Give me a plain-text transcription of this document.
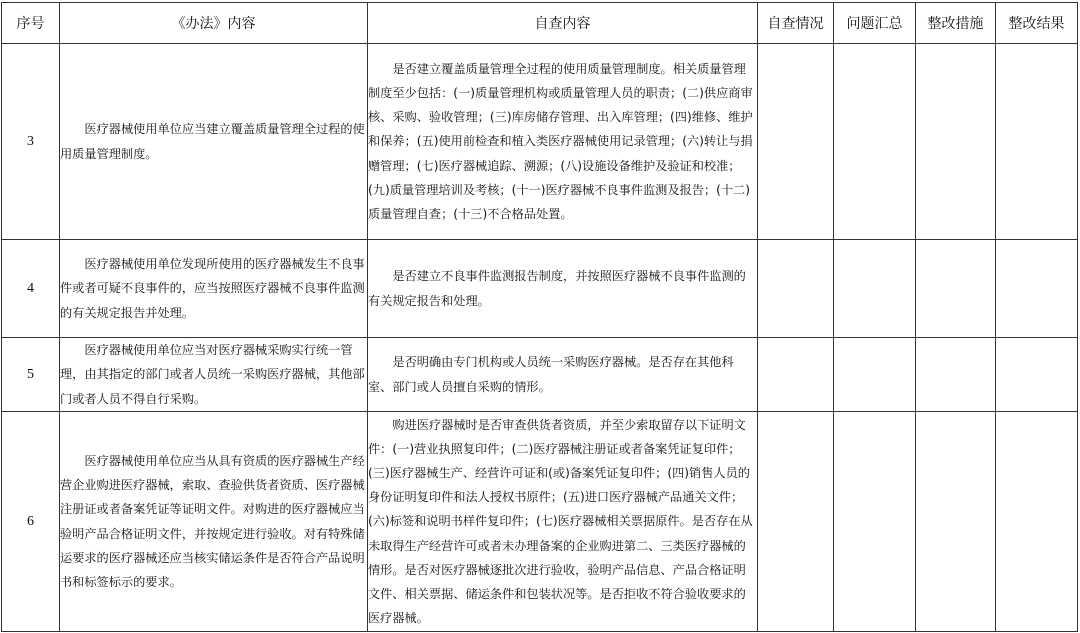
序号	《办法》内容	自查内容	自查情况	问题汇总	整改措施	整改结果
3	医疗器械使用单位应当建立覆盖质量管理全过程的使用质量管理制度。	是否建立覆盖质量管理全过程的使用质量管理制度。相关质量管理制度至少包括：(一)质量管理机构或质量管理人员的职责；(二)供应商审核、采购、验收管理；(三)库房储存管理、出入库管理；(四)维修、维护和保养；(五)使用前检查和植入类医疗器械使用记录管理；(六)转让与捐赠管理；(七)医疗器械追踪、溯源；(八)设施设备维护及验证和校准；(九)质量管理培训及考核；(十一)医疗器械不良事件监测及报告；(十二)质量管理自查；(十三)不合格品处置。				

4	医疗器械使用单位发现所使用的医疗器械发生不良事件或者可疑不良事件的，应当按照医疗器械不良事件监测的有关规定报告并处理。	是否建立不良事件监测报告制度，并按照医疗器械不良事件监测的有关规定报告和处理。				

5	医疗器械使用单位应当对医疗器械采购实行统一管理，由其指定的部门或者人员统一采购医疗器械，其他部门或者人员不得自行采购。	是否明确由专门机构或人员统一采购医疗器械。是否存在其他科室、部门或人员擅自采购的情形。				

6	医疗器械使用单位应当从具有资质的医疗器械生产经营企业购进医疗器械，索取、查验供货者资质、医疗器械注册证或者备案凭证等证明文件。对购进的医疗器械应当验明产品合格证明文件，并按规定进行验收。对有特殊储运要求的医疗器械还应当核实储运条件是否符合产品说明书和标签标示的要求。	购进医疗器械时是否审查供货者资质，并至少索取留存以下证明文件：(一)营业执照复印件；(二)医疗器械注册证或者备案凭证复印件；(三)医疗器械生产、经营许可证和(或)备案凭证复印件；(四)销售人员的身份证明复印件和法人授权书原件；(五)进口医疗器械产品通关文件；(六)标签和说明书样件复印件；(七)医疗器械相关票据原件。是否存在从未取得生产经营许可或者未办理备案的企业购进第二、三类医疗器械的情形。是否对医疗器械逐批次进行验收，验明产品信息、产品合格证明文件、相关票据、储运条件和包装状况等。是否拒收不符合验收要求的医疗器械。				
